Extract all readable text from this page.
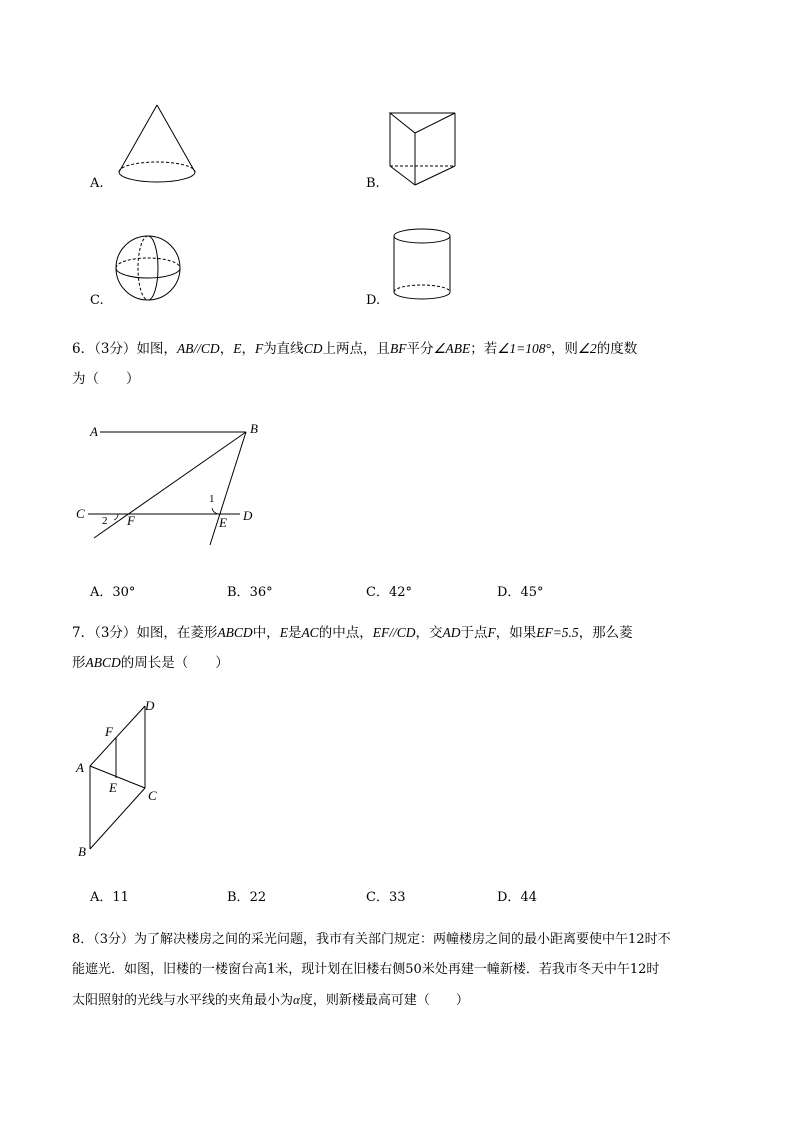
A.	B.
C.	D.
6．（3分）如图，AB//CD，E，F为直线CD上两点，且BF平分∠ABE；若∠1=108°，则∠2的度数
为（　　）
A	B
C	D
E
F
1
2
A．30°	B．36°	C．42°	D．45°
7．（3分）如图，在菱形ABCD中，E是AC的中点，EF//CD，交AD于点F，如果EF=5.5，那么菱
形ABCD的周长是（　　）
A
B
C
D
E
F
A．11	B．22	C．33	D．44
8．（3分）为了解决楼房之间的采光问题，我市有关部门规定：两幢楼房之间的最小距离要使中午12时不
能遮光．如图，旧楼的一楼窗台高1米，现计划在旧楼右侧50米处再建一幢新楼．若我市冬天中午12时
太阳照射的光线与水平线的夹角最小为α度，则新楼最高可建（　　）
